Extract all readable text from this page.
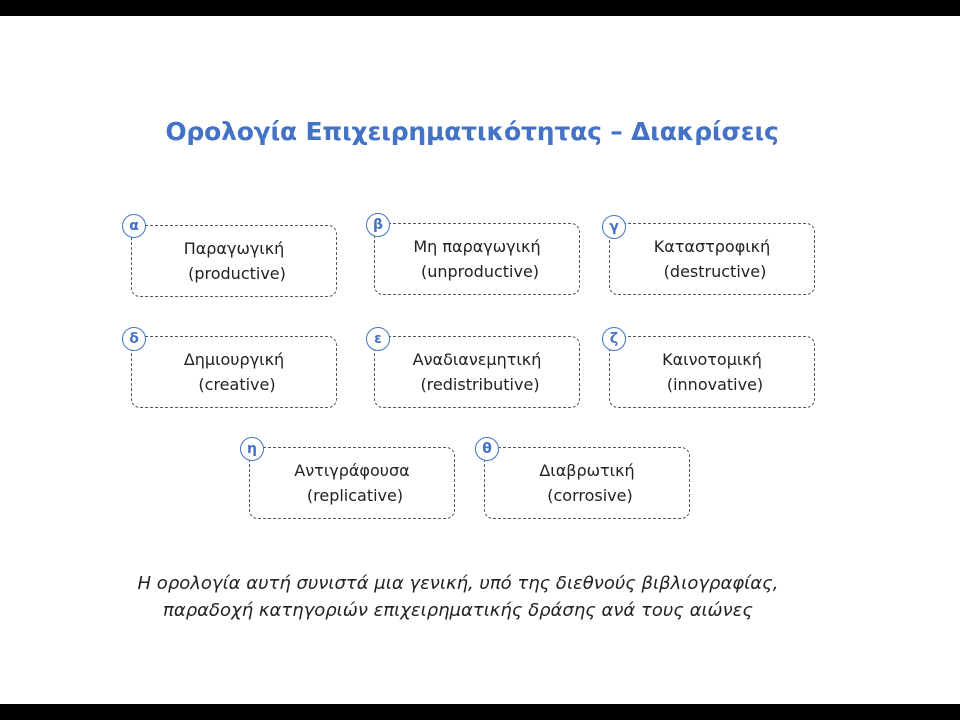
Ορολογία Επιχειρηματικότητας – Διακρίσεις
Παραγωγική
(productive)
α
Μη παραγωγική
(unproductive)
β
Καταστροφική
(destructive)
γ
Δημιουργική
(creative)
δ
Αναδιανεμητική
(redistributive)
ε
Καινοτομική
(innovative)
ζ
Αντιγράφουσα
(replicative)
η
Διαβρωτική
(corrosive)
θ
Η ορολογία αυτή συνιστά μια γενική, υπό της διεθνούς βιβλιογραφίας,
παραδοχή κατηγοριών επιχειρηματικής δράσης ανά τους αιώνες
